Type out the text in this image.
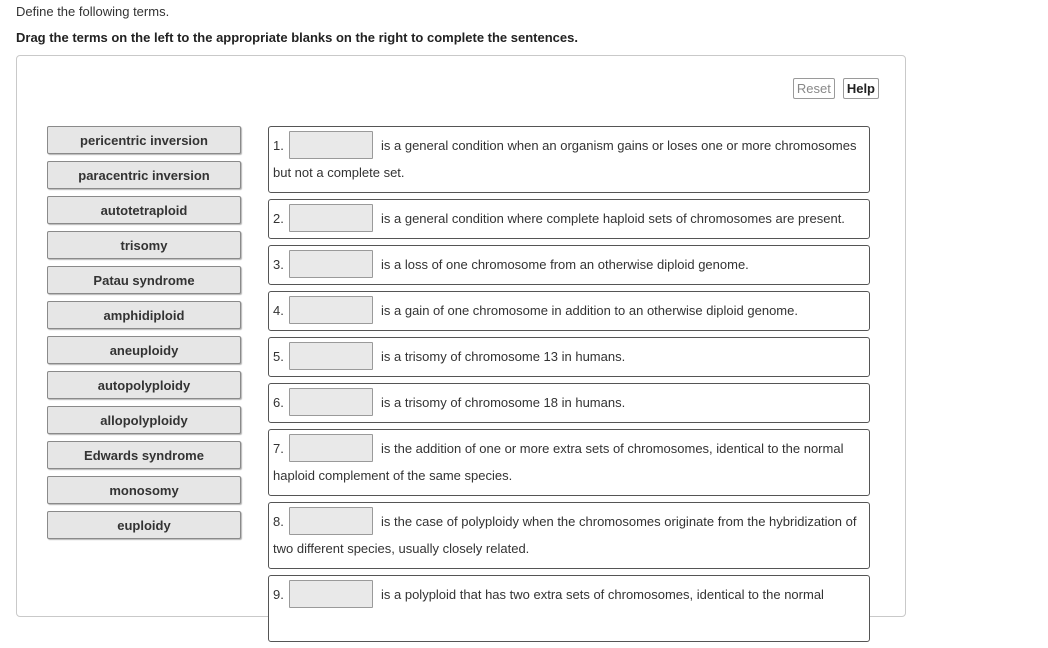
Define the following terms.
Drag the terms on the left to the appropriate blanks on the right to complete the sentences.
Reset	Help
pericentric inversion
paracentric inversion
autotetraploid
trisomy
Patau syndrome
amphidiploid
aneuploidy
autopolyploidy
allopolyploidy
Edwards syndrome
monosomy
euploidy
1.	is a general condition when an organism gains or loses one or more chromosomes
but not a complete set.
2.	is a general condition where complete haploid sets of chromosomes are present.
3.	is a loss of one chromosome from an otherwise diploid genome.
4.	is a gain of one chromosome in addition to an otherwise diploid genome.
5.	is a trisomy of chromosome 13 in humans.
6.	is a trisomy of chromosome 18 in humans.
7.	is the addition of one or more extra sets of chromosomes, identical to the normal
haploid complement of the same species.
8.	is the case of polyploidy when the chromosomes originate from the hybridization of
two different species, usually closely related.
9.	is a polyploid that has two extra sets of chromosomes, identical to the normal
